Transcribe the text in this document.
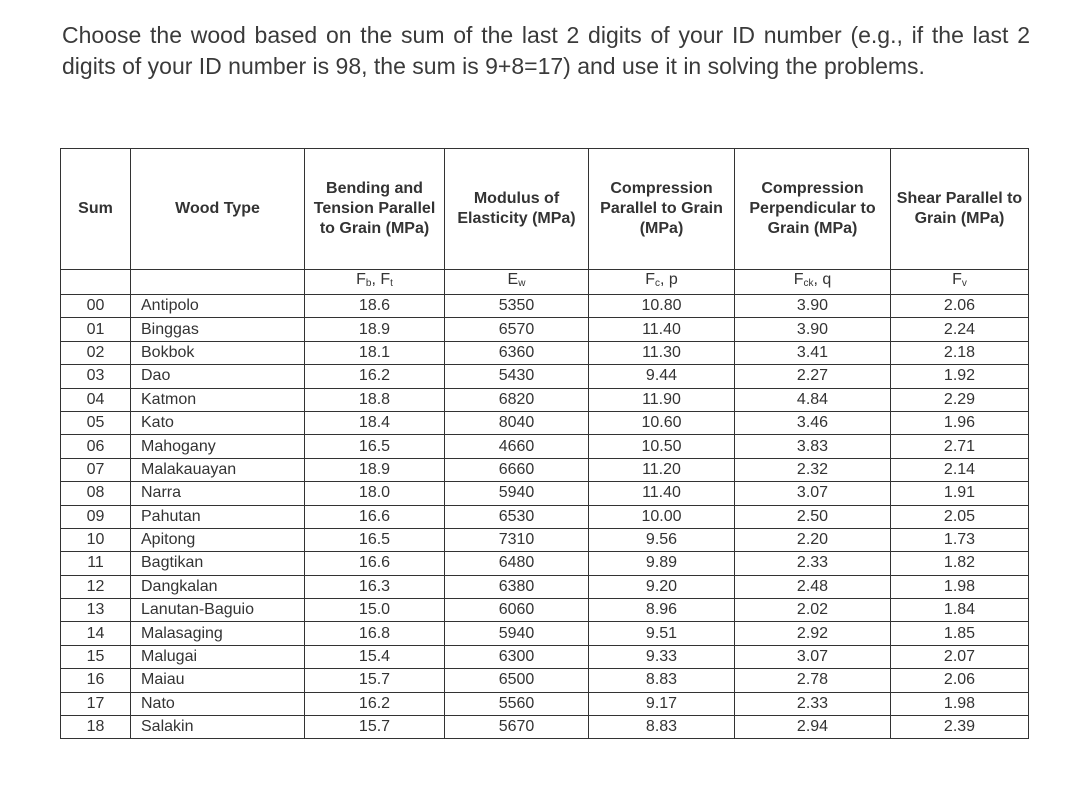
Choose the wood based on the sum of the last 2 digits of your ID number (e.g., if the last 2 digits of your ID number is 98, the sum is 9+8=17) and use it in solving the problems.

Sum	Wood Type	Bending and Tension Parallel to Grain (MPa)	Modulus of Elasticity (MPa)	Compression Parallel to Grain (MPa)	Compression Perpendicular to Grain (MPa)	Shear Parallel to Grain (MPa)
		$F_b$, $F_t$	$E_w$	$F_c$, p	$F_{ck}$, q	$F_v$
00	Antipolo	18.6	5350	10.80	3.90	2.06
01	Binggas	18.9	6570	11.40	3.90	2.24
02	Bokbok	18.1	6360	11.30	3.41	2.18
03	Dao	16.2	5430	9.44	2.27	1.92
04	Katmon	18.8	6820	11.90	4.84	2.29
05	Kato	18.4	8040	10.60	3.46	1.96
06	Mahogany	16.5	4660	10.50	3.83	2.71
07	Malakauayan	18.9	6660	11.20	2.32	2.14
08	Narra	18.0	5940	11.40	3.07	1.91
09	Pahutan	16.6	6530	10.00	2.50	2.05
10	Apitong	16.5	7310	9.56	2.20	1.73
11	Bagtikan	16.6	6480	9.89	2.33	1.82
12	Dangkalan	16.3	6380	9.20	2.48	1.98
13	Lanutan-Baguio	15.0	6060	8.96	2.02	1.84
14	Malasaging	16.8	5940	9.51	2.92	1.85
15	Malugai	15.4	6300	9.33	3.07	2.07
16	Maiau	15.7	6500	8.83	2.78	2.06
17	Nato	16.2	5560	9.17	2.33	1.98
18	Salakin	15.7	5670	8.83	2.94	2.39
